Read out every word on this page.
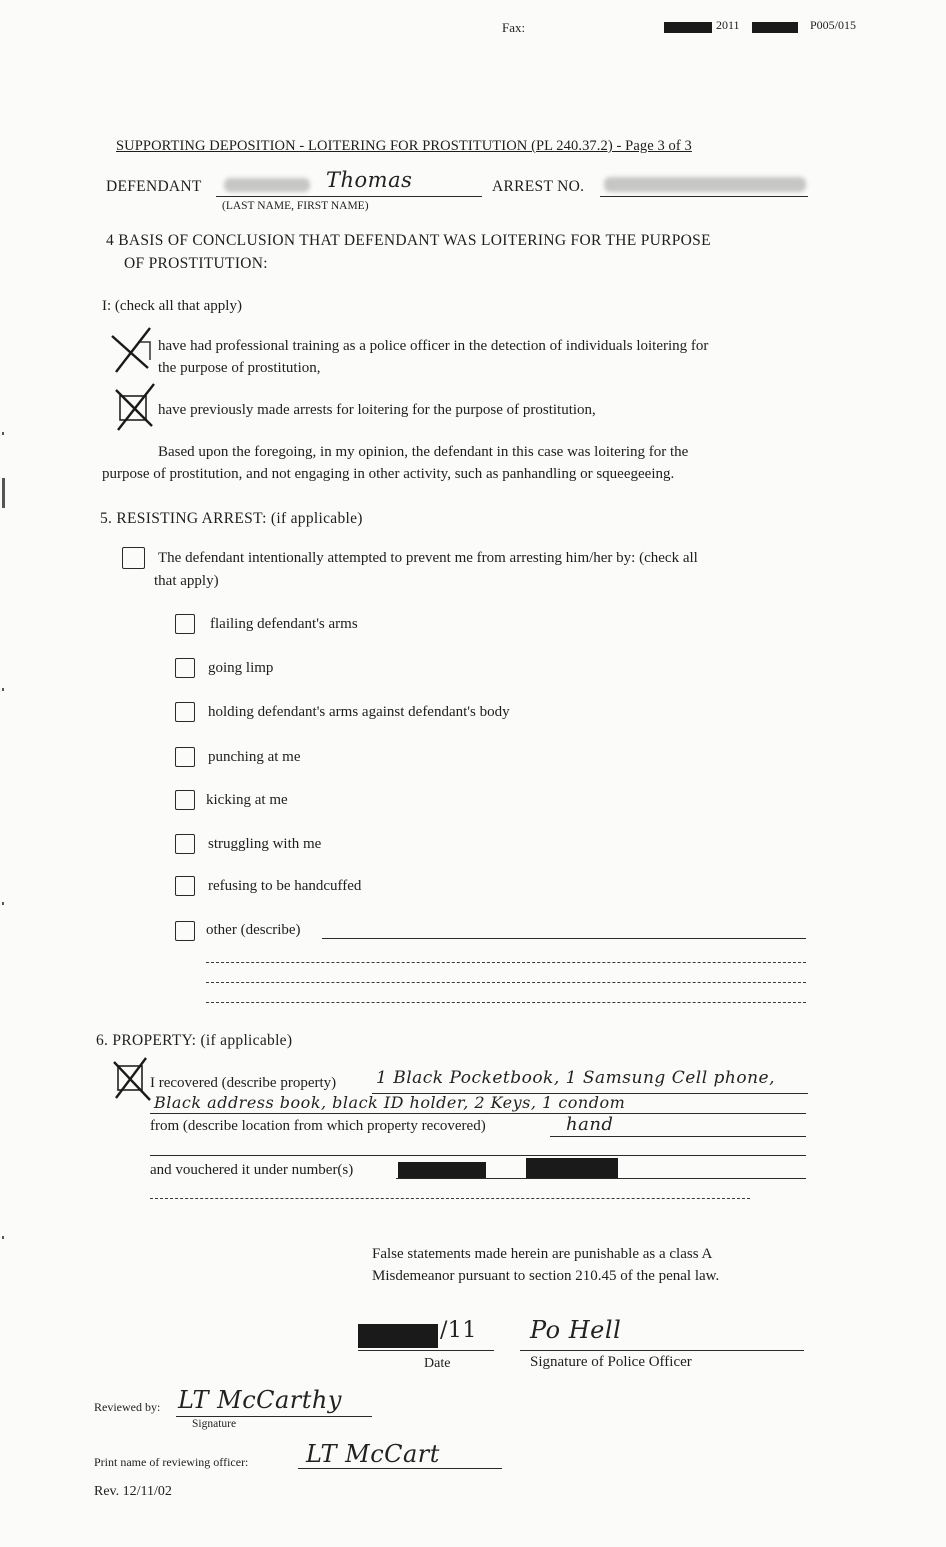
Fax:	2011	P005/015
SUPPORTING DEPOSITION - LOITERING FOR PROSTITUTION (PL 240.37.2) - Page 3 of 3
DEFENDANT	Thomas
(LAST NAME, FIRST NAME)
ARREST NO.
4 BASIS OF CONCLUSION THAT DEFENDANT WAS LOITERING FOR THE PURPOSE
OF PROSTITUTION:
I: (check all that apply)
have had professional training as a police officer in the detection of individuals loitering for
the purpose of prostitution,
have previously made arrests for loitering for the purpose of prostitution,
Based upon the foregoing, in my opinion, the defendant in this case was loitering for the
purpose of prostitution, and not engaging in other activity, such as panhandling or squeegeeing.
5. RESISTING ARREST: (if applicable)
The defendant intentionally attempted to prevent me from arresting him/her by: (check all
that apply)
flailing defendant's arms
going limp
holding defendant's arms against defendant's body
punching at me
kicking at me
struggling with me
refusing to be handcuffed
other (describe)
6. PROPERTY: (if applicable)
I recovered (describe property) 1 Black Pocketbook, 1 Samsung Cell phone,
Black address book, black ID holder, 2 Keys, 1 condom
from (describe location from which property recovered)	hand
and vouchered it under number(s)
False statements made herein are punishable as a class A
Misdemeanor pursuant to section 210.45 of the penal law.
/11
Date
Po Hell
Signature of Police Officer
Reviewed by: LT McCarthy
Signature
Print name of reviewing officer: LT McCart
Rev. 12/11/02
